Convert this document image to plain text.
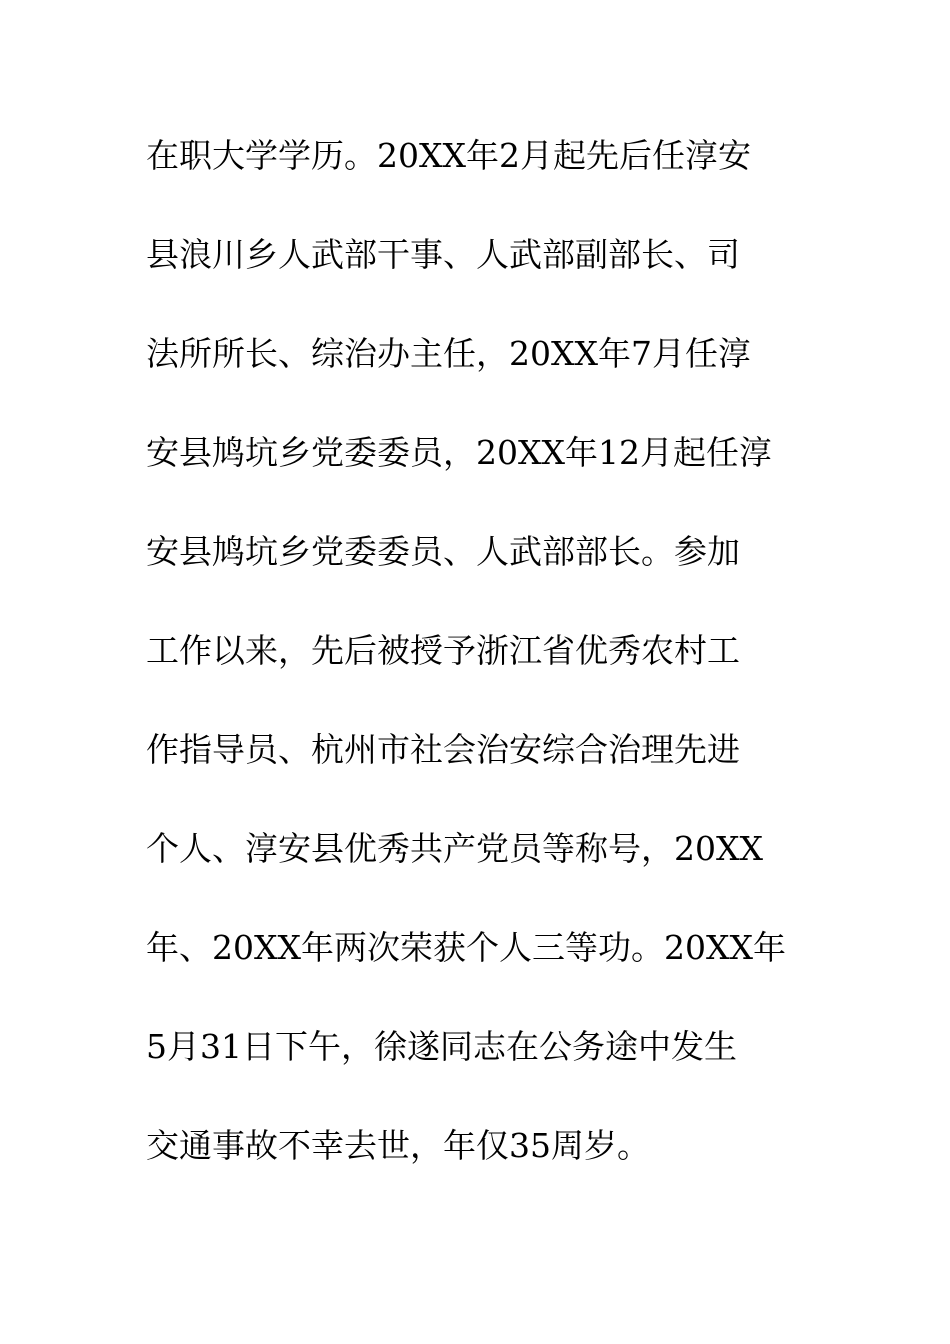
在职大学学历。20XX年2月起先后任淳安
县浪川乡人武部干事、人武部副部长、司
法所所长、综治办主任，20XX年7月任淳
安县鸠坑乡党委委员，20XX年12月起任淳
安县鸠坑乡党委委员、人武部部长。参加
工作以来，先后被授予浙江省优秀农村工
作指导员、杭州市社会治安综合治理先进
个人、淳安县优秀共产党员等称号，20XX
年、20XX年两次荣获个人三等功。20XX年
5月31日下午，徐遂同志在公务途中发生
交通事故不幸去世，年仅35周岁。
